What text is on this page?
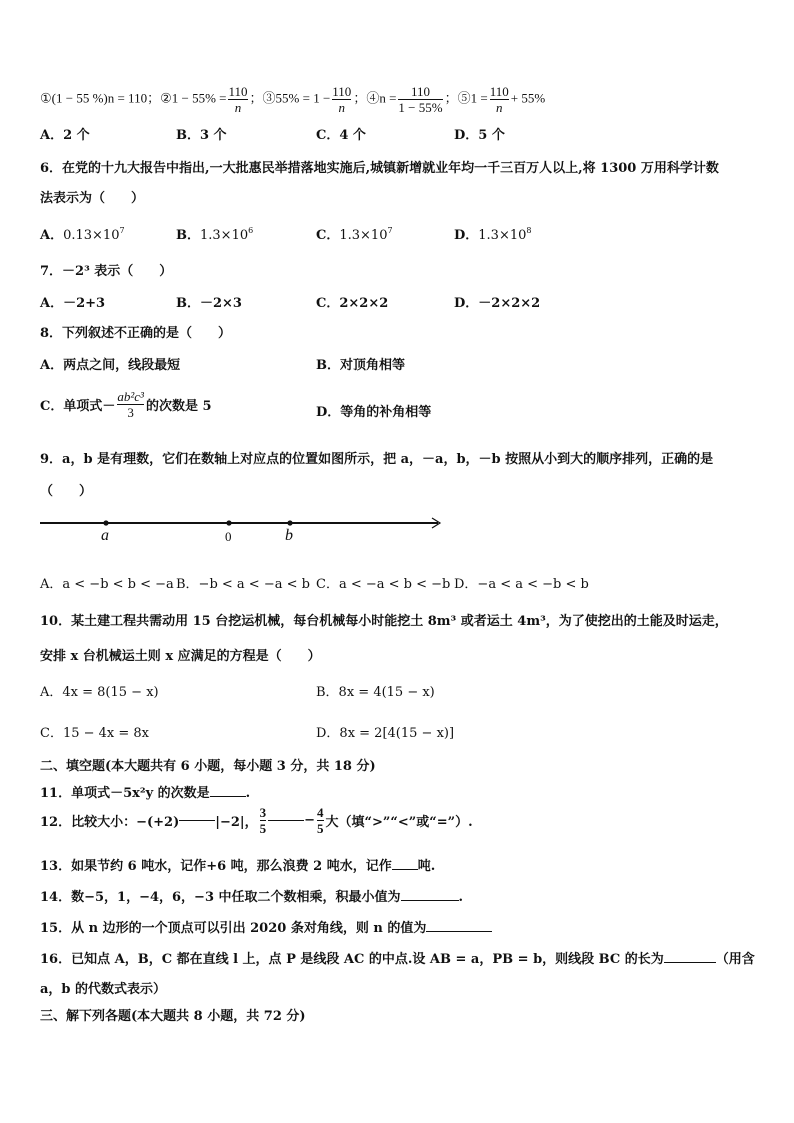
①(1 − 55 %)n = 110；②1 − $55\% = \frac{110}{n}$ ；③55% = $1 - \frac{110}{n}$ ；④n = $\frac{110}{1 - 55\%}$ ；⑤1 = $\frac{110}{n} + 55\%$
A．2 个	B．3 个	C．4 个	D．5 个
6．在党的十九大报告中指出,一大批惠民举措落地实施后,城镇新增就业年均一千三百万人以上,将 1300 万用科学计数
法表示为（　　）
A．$0.13\times 10^7$	B．$1.3\times 10^6$	C．$1.3\times 10^7$	D．$1.3\times 10^8$
7．－2³ 表示（　　）
A．－2+3	B．－2×3	C．2×2×2	D．－2×2×2
8．下列叙述不正确的是（　　）
A．两点之间，线段最短	B．对顶角相等
C．单项式－ $\frac{\text{ab²c³}}{3}$ 的次数是 5	D．等角的补角相等
9．a，b 是有理数，它们在数轴上对应点的位置如图所示，把 a，－a，b，－b 按照从小到大的顺序排列，正确的是
（　　）
a	0	b
A．a < −b < b < −a B．−b < a < −a < b C．a < −a < b < −b D．−a < a < −b < b
10．某土建工程共需动用 15 台挖运机械，每台机械每小时能挖土 8m³ 或者运土 4m³，为了使挖出的土能及时运走，
安排 x 台机械运土则 x 应满足的方程是（　　）
A．4x = 8(15 − x)	B．8x = 4(15 − x)
C．15 − 4x = 8x	D．8x = 2[4(15 − x)]
二、填空题(本大题共有 6 小题，每小题 3 分，共 18 分)
11．单项式－5x²y 的次数是	.
12．比较大小：−(+2)	|−2|， $\frac{3}{5}$	− $\frac{4}{5}$ 大（填“>”“<”或“=”）.
13．如果节约 6 吨水，记作+6 吨，那么浪费 2 吨水，记作 吨.
14．数−5，1，−4，6，−3 中任取二个数相乘，积最小值为	.
15．从 n 边形的一个顶点可以引出 2020 条对角线，则 n 的值为
16．已知点 A，B，C 都在直线 l 上，点 P 是线段 AC 的中点.设 AB = a，PB = b，则线段 BC 的长为	（用含
a，b 的代数式表示）
三、解下列各题(本大题共 8 小题，共 72 分)
